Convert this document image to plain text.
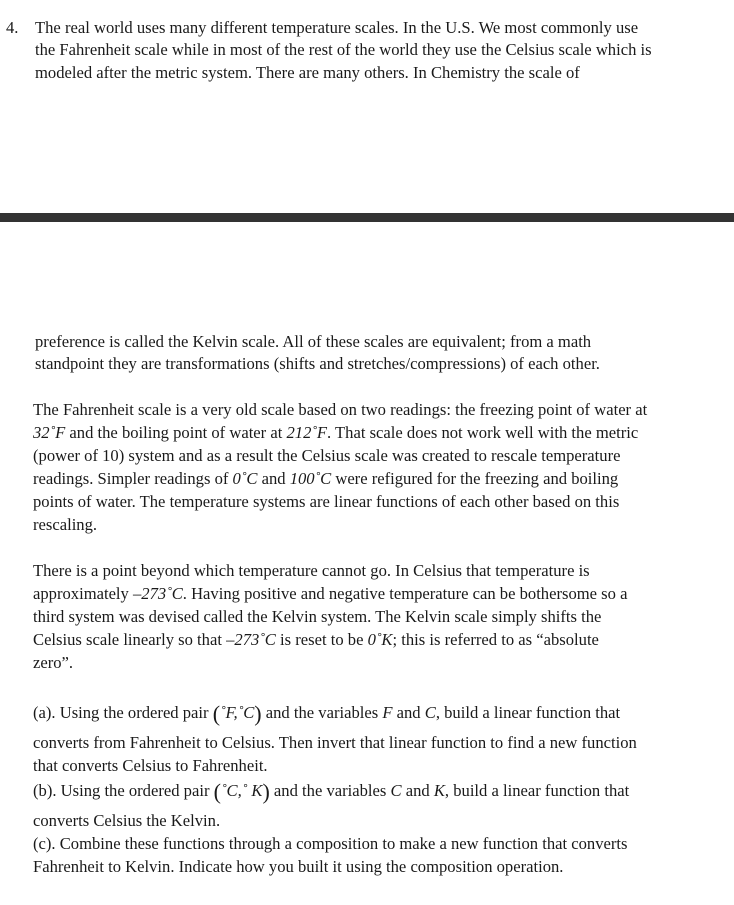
4. The real world uses many different temperature scales. In the U.S. We most commonly use
the Fahrenheit scale while in most of the rest of the world they use the Celsius scale which is
modeled after the metric system. There are many others. In Chemistry the scale of
preference is called the Kelvin scale. All of these scales are equivalent; from a math
standpoint they are transformations (shifts and stretches/compressions) of each other.
The Fahrenheit scale is a very old scale based on two readings: the freezing point of water at
32˚F and the boiling point of water at 212˚F. That scale does not work well with the metric
(power of 10) system and as a result the Celsius scale was created to rescale temperature
readings. Simpler readings of 0˚C and 100˚C were refigured for the freezing and boiling
points of water. The temperature systems are linear functions of each other based on this
rescaling.
There is a point beyond which temperature cannot go. In Celsius that temperature is
approximately –273˚C. Having positive and negative temperature can be bothersome so a
third system was devised called the Kelvin system. The Kelvin scale simply shifts the
Celsius scale linearly so that –273˚C is reset to be 0˚K; this is referred to as “absolute
zero”.
(a). Using the ordered pair (˚F,˚C) and the variables F and C, build a linear function that
converts from Fahrenheit to Celsius. Then invert that linear function to find a new function
that converts Celsius to Fahrenheit.
(b). Using the ordered pair (˚C,˚ K) and the variables C and K, build a linear function that
converts Celsius the Kelvin.
(c). Combine these functions through a composition to make a new function that converts
Fahrenheit to Kelvin. Indicate how you built it using the composition operation.
